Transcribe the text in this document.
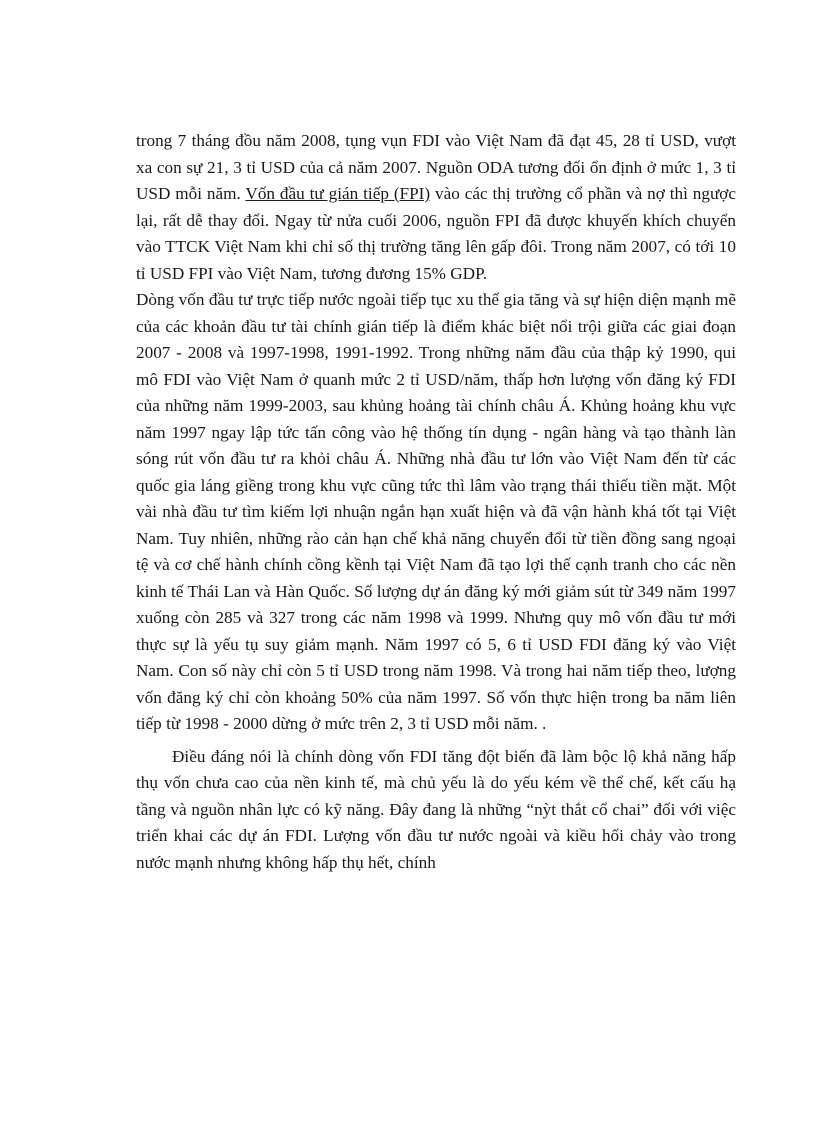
trong 7 tháng đồu năm 2008, tụng vụn FDI vào Việt Nam đã đạt 45, 28 tỉ USD, vượt xa con sự 21, 3 tỉ USD của cả năm 2007. Nguồn ODA tương đối ổn định ở mức 1, 3 tỉ USD mỗi năm. Vốn đầu tư gián tiếp (FPI) vào các thị trường cổ phần và nợ thì ngược lại, rất dễ thay đổi. Ngay từ nửa cuối 2006, nguồn FPI đã được khuyến khích chuyển vào TTCK Việt Nam khi chỉ số thị trường tăng lên gấp đôi. Trong năm 2007, có tới 10 tỉ USD FPI vào Việt Nam, tương đương 15% GDP.

Dòng vốn đầu tư trực tiếp nước ngoài tiếp tục xu thế gia tăng và sự hiện diện mạnh mẽ của các khoản đầu tư tài chính gián tiếp là điểm khác biệt nổi trội giữa các giai đoạn 2007 - 2008 và 1997-1998, 1991-1992. Trong những năm đầu của thập kỷ 1990, qui mô FDI vào Việt Nam ở quanh mức 2 tỉ USD/năm, thấp hơn lượng vốn đăng ký FDI của những năm 1999-2003, sau khủng hoảng tài chính châu Á. Khủng hoảng khu vực năm 1997 ngay lập tức tấn công vào hệ thống tín dụng - ngân hàng và tạo thành làn sóng rút vốn đầu tư ra khỏi châu Á. Những nhà đầu tư lớn vào Việt Nam đến từ các quốc gia láng giềng trong khu vực cũng tức thì lâm vào trạng thái thiếu tiền mặt. Một vài nhà đầu tư tìm kiếm lợi nhuận ngắn hạn xuất hiện và đã vận hành khá tốt tại Việt Nam. Tuy nhiên, những rào cản hạn chế khả năng chuyển đổi từ tiền đồng sang ngoại tệ và cơ chế hành chính cồng kềnh tại Việt Nam đã tạo lợi thế cạnh tranh cho các nền kinh tế Thái Lan và Hàn Quốc. Số lượng dự án đăng ký mới giảm sút từ 349 năm 1997 xuống còn 285 và 327 trong các năm 1998 và 1999. Nhưng quy mô vốn đầu tư mới thực sự là yếu tụ suy giảm mạnh. Năm 1997 có 5, 6 tỉ USD FDI đăng ký vào Việt Nam. Con số này chỉ còn 5 tỉ USD trong năm 1998. Và trong hai năm tiếp theo, lượng vốn đăng ký chỉ còn khoảng 50% của năm 1997. Số vốn thực hiện trong ba năm liên tiếp từ 1998 - 2000 dừng ở mức trên 2, 3 tỉ USD mỗi năm. .

Điều đáng nói là chính dòng vốn FDI tăng đột biến đã làm bộc lộ khả năng hấp thụ vốn chưa cao của nền kinh tế, mà chủ yếu là do yếu kém về thể chế, kết cấu hạ tầng và nguồn nhân lực có kỹ năng. Đây đang là những “nỳt thắt cổ chai” đối với việc triển khai các dự án FDI. Lượng vốn đầu tư nước ngoài và kiều hối chảy vào trong nước mạnh nhưng không hấp thụ hết, chính
